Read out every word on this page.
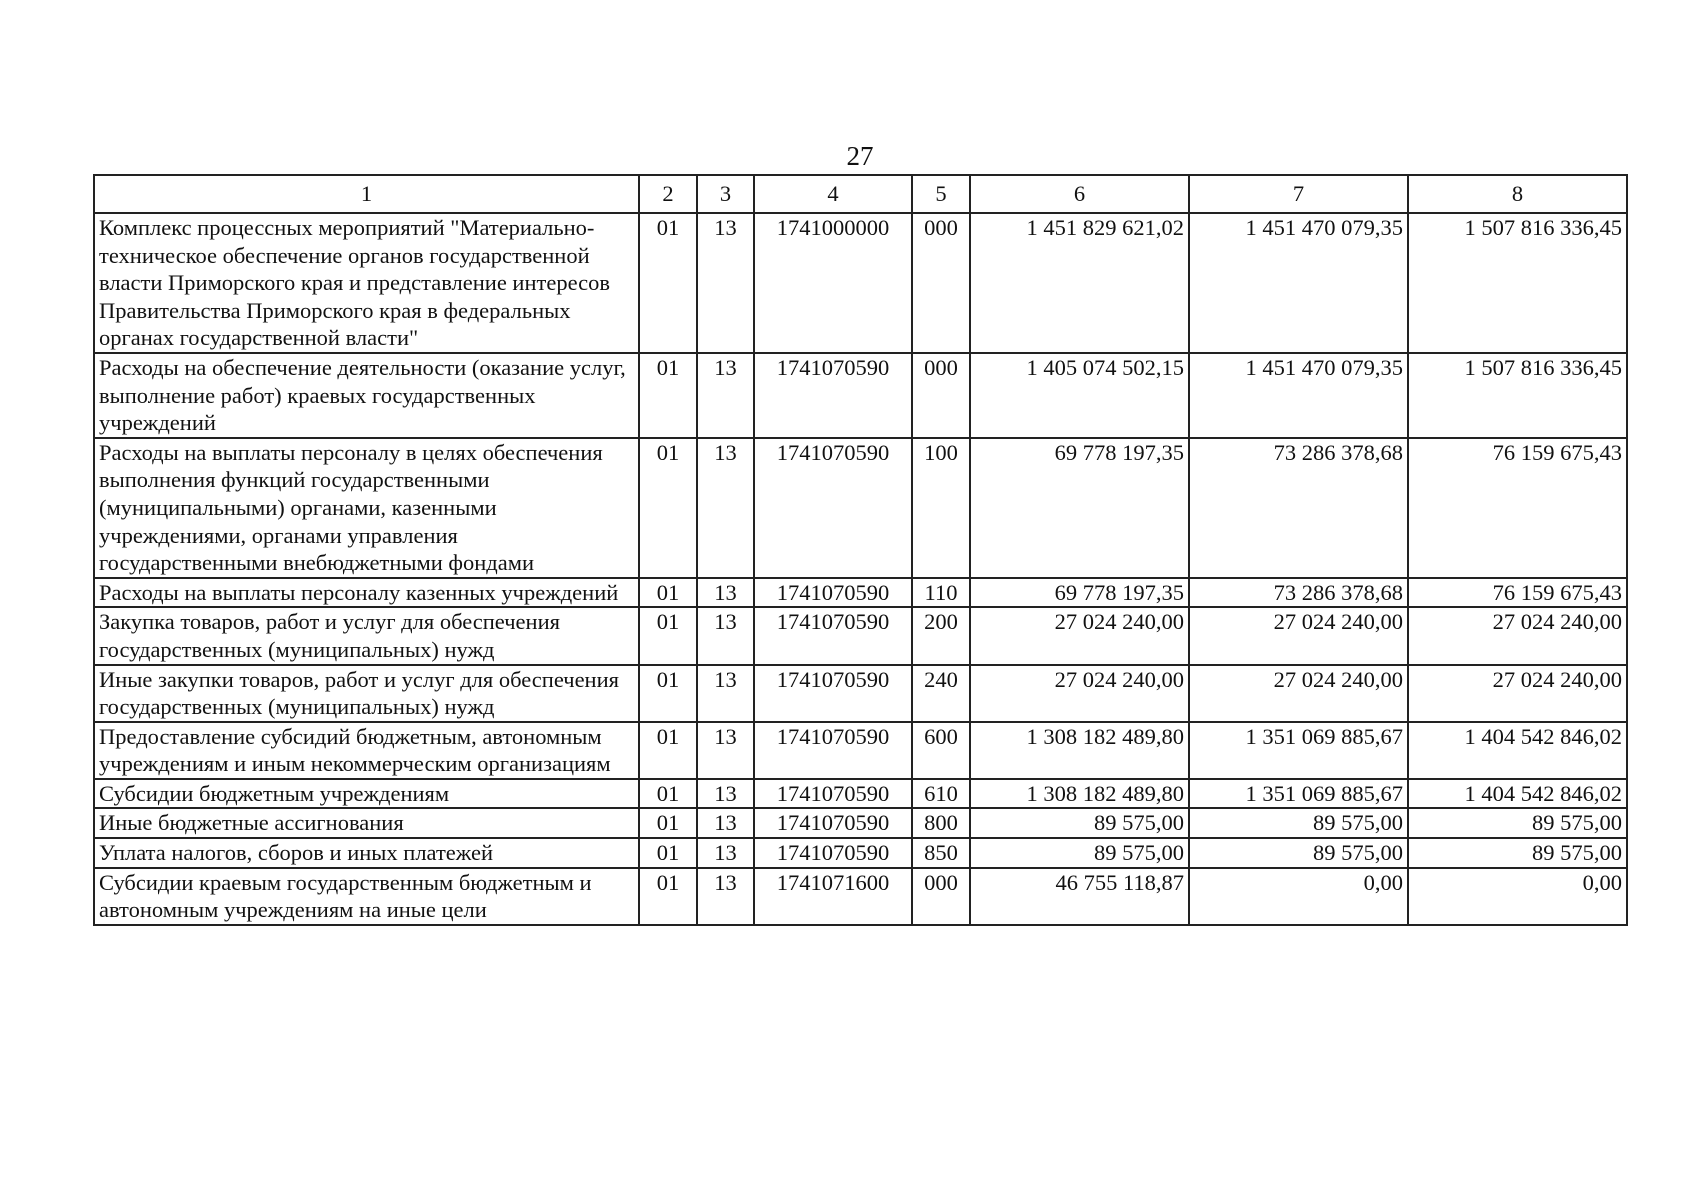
27
1	2	3	4	5	6	7	8
Комплекс процессных мероприятий "Материально-техническое обеспечение органов государственной власти Приморского края и представление интересов Правительства Приморского края в федеральных органах государственной власти"	01	13	1741000000	000	1 451 829 621,02	1 451 470 079,35	1 507 816 336,45
Расходы на обеспечение деятельности (оказание услуг, выполнение работ) краевых государственных учреждений	01	13	1741070590	000	1 405 074 502,15	1 451 470 079,35	1 507 816 336,45
Расходы на выплаты персоналу в целях обеспечения выполнения функций государственными (муниципальными) органами, казенными учреждениями, органами управления государственными внебюджетными фондами	01	13	1741070590	100	69 778 197,35	73 286 378,68	76 159 675,43
Расходы на выплаты персоналу казенных учреждений	01	13	1741070590	110	69 778 197,35	73 286 378,68	76 159 675,43
Закупка товаров, работ и услуг для обеспечения государственных (муниципальных) нужд	01	13	1741070590	200	27 024 240,00	27 024 240,00	27 024 240,00
Иные закупки товаров, работ и услуг для обеспечения государственных (муниципальных) нужд	01	13	1741070590	240	27 024 240,00	27 024 240,00	27 024 240,00
Предоставление субсидий бюджетным, автономным учреждениям и иным некоммерческим организациям	01	13	1741070590	600	1 308 182 489,80	1 351 069 885,67	1 404 542 846,02
Субсидии бюджетным учреждениям	01	13	1741070590	610	1 308 182 489,80	1 351 069 885,67	1 404 542 846,02
Иные бюджетные ассигнования	01	13	1741070590	800	89 575,00	89 575,00	89 575,00
Уплата налогов, сборов и иных платежей	01	13	1741070590	850	89 575,00	89 575,00	89 575,00
Субсидии краевым государственным бюджетным и автономным учреждениям на иные цели	01	13	1741071600	000	46 755 118,87	0,00	0,00
